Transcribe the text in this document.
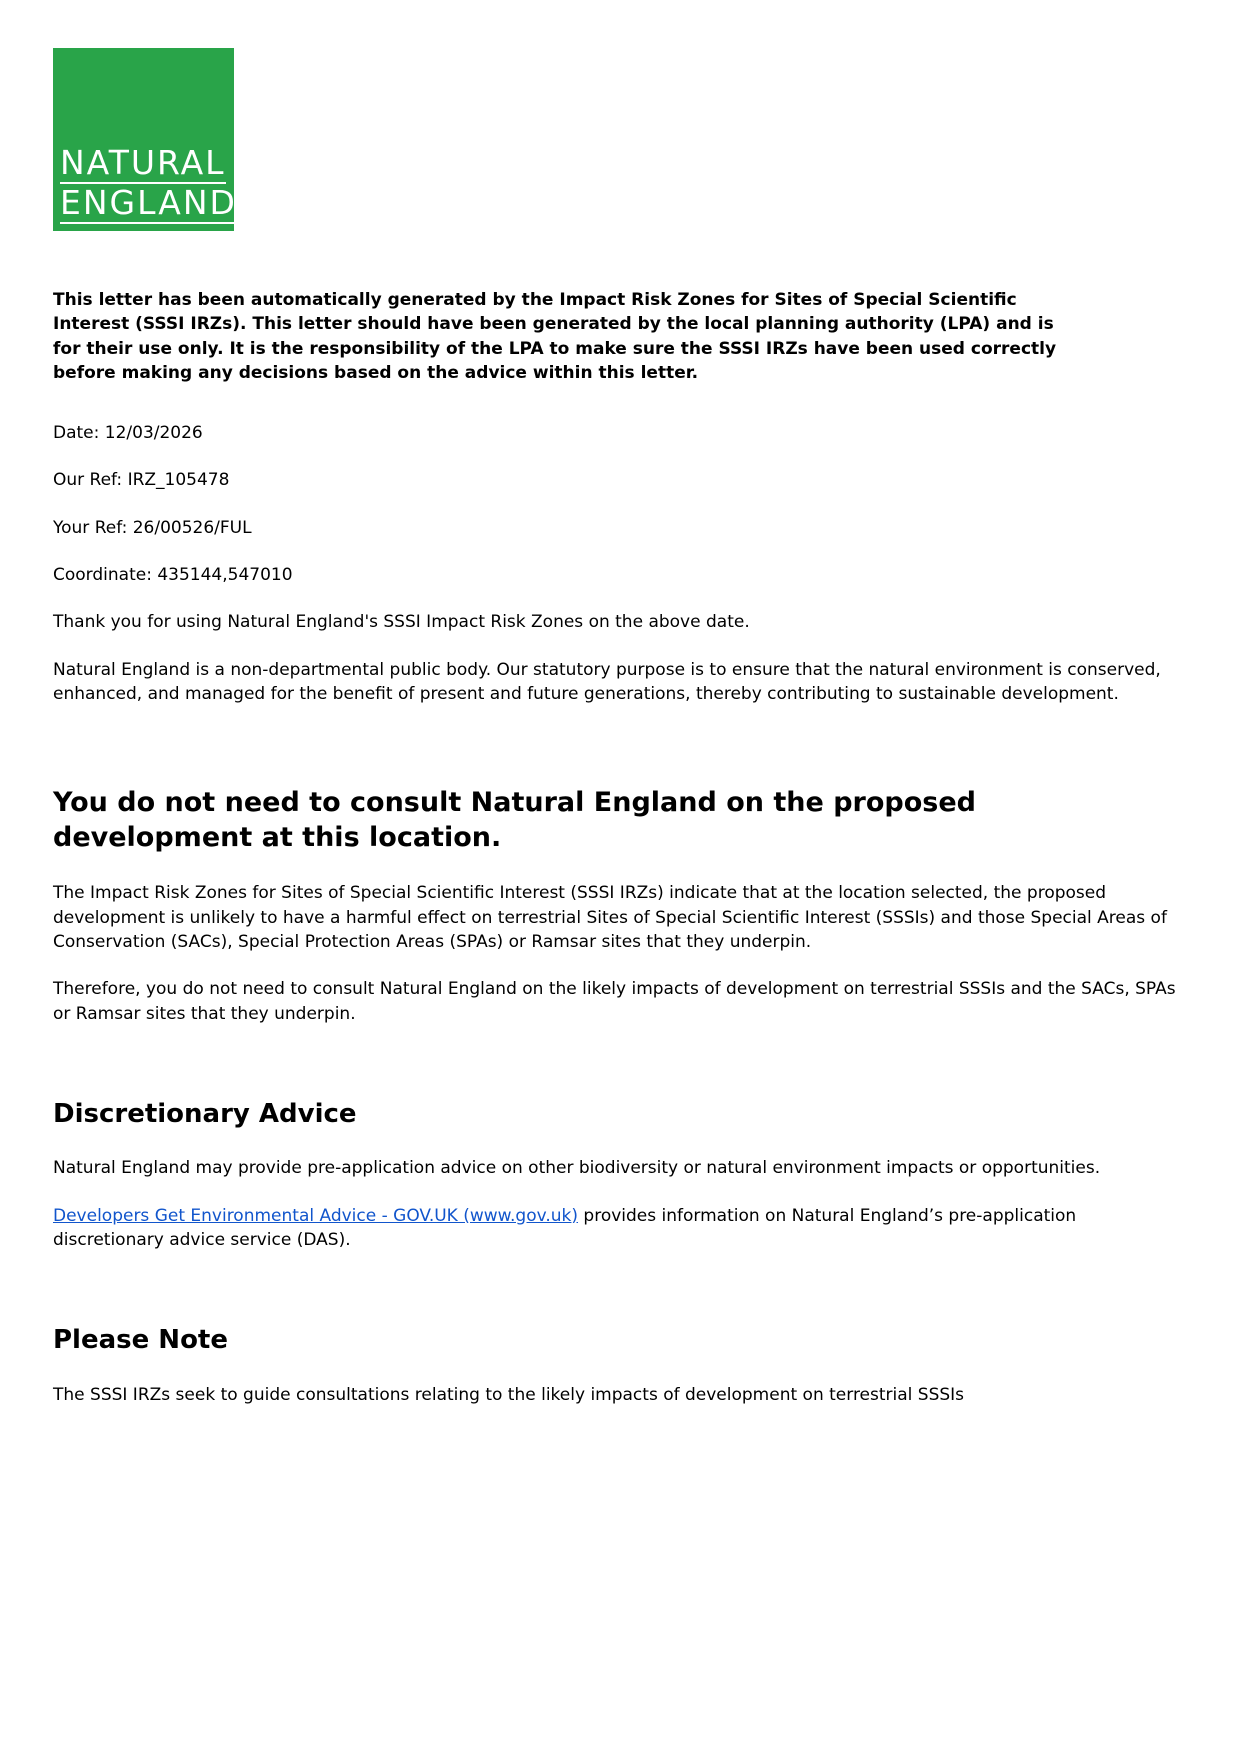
NATURAL
ENGLAND

This letter has been automatically generated by the Impact Risk Zones for Sites of Special Scientific Interest (SSSI IRZs). This letter should have been generated by the local planning authority (LPA) and is for their use only. It is the responsibility of the LPA to make sure the SSSI IRZs have been used correctly before making any decisions based on the advice within this letter.

Date: 12/03/2026

Our Ref: IRZ_105478

Your Ref: 26/00526/FUL

Coordinate: 435144,547010

Thank you for using Natural England's SSSI Impact Risk Zones on the above date.

Natural England is a non-departmental public body. Our statutory purpose is to ensure that the natural environment is conserved, enhanced, and managed for the benefit of present and future generations, thereby contributing to sustainable development.

You do not need to consult Natural England on the proposed development at this location.

The Impact Risk Zones for Sites of Special Scientific Interest (SSSI IRZs) indicate that at the location selected, the proposed development is unlikely to have a harmful effect on terrestrial Sites of Special Scientific Interest (SSSIs) and those Special Areas of Conservation (SACs), Special Protection Areas (SPAs) or Ramsar sites that they underpin.

Therefore, you do not need to consult Natural England on the likely impacts of development on terrestrial SSSIs and the SACs, SPAs or Ramsar sites that they underpin.

Discretionary Advice

Natural England may provide pre-application advice on other biodiversity or natural environment impacts or opportunities.

Developers Get Environmental Advice - GOV.UK (www.gov.uk) provides information on Natural England’s pre-application discretionary advice service (DAS).

Please Note

The SSSI IRZs seek to guide consultations relating to the likely impacts of development on terrestrial SSSIs
